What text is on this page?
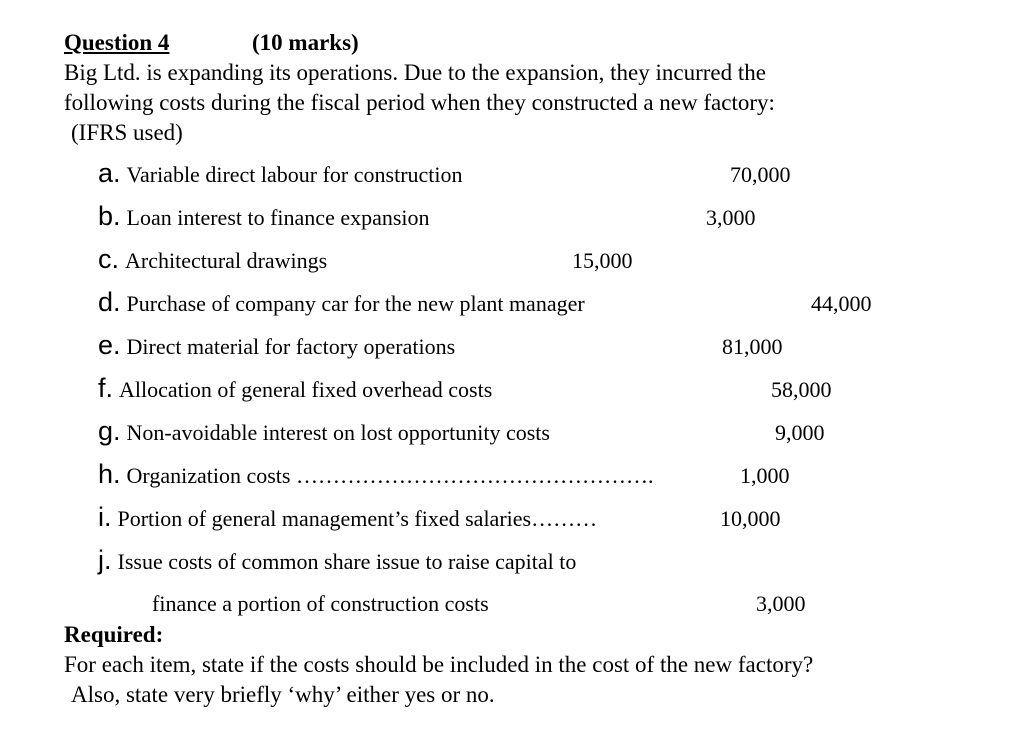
Question 4	(10 marks)
Big Ltd. is expanding its operations. Due to the expansion, they incurred the
following costs during the fiscal period when they constructed a new factory:
(IFRS used)
a. Variable direct labour for construction	70,000
b. Loan interest to finance expansion	3,000
c. Architectural drawings	15,000
d. Purchase of company car for the new plant manager	44,000
e. Direct material for factory operations	81,000
f. Allocation of general fixed overhead costs	58,000
g. Non-avoidable interest on lost opportunity costs	9,000
h. Organization costs ………………………………………….	1,000
i. Portion of general management’s fixed salaries………	10,000
j. Issue costs of common share issue to raise capital to
finance a portion of construction costs	3,000
Required:
For each item, state if the costs should be included in the cost of the new factory?
Also, state very briefly ‘why’ either yes or no.
